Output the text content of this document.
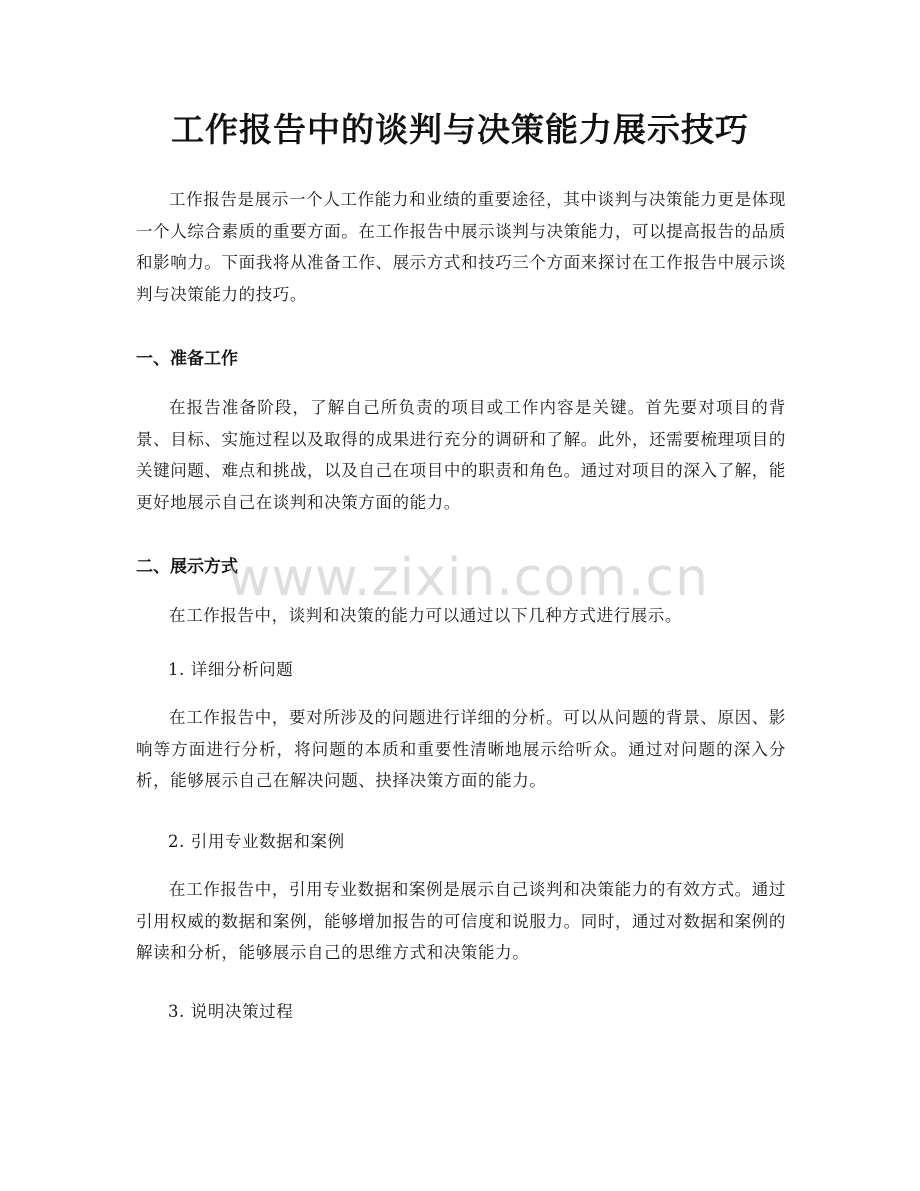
工作报告中的谈判与决策能力展示技巧

工作报告是展示一个人工作能力和业绩的重要途径，其中谈判与决策能力更是体现一个人综合素质的重要方面。在工作报告中展示谈判与决策能力，可以提高报告的品质和影响力。下面我将从准备工作、展示方式和技巧三个方面来探讨在工作报告中展示谈判与决策能力的技巧。

一、准备工作

在报告准备阶段，了解自己所负责的项目或工作内容是关键。首先要对项目的背景、目标、实施过程以及取得的成果进行充分的调研和了解。此外，还需要梳理项目的关键问题、难点和挑战，以及自己在项目中的职责和角色。通过对项目的深入了解，能更好地展示自己在谈判和决策方面的能力。

二、展示方式

在工作报告中，谈判和决策的能力可以通过以下几种方式进行展示。

1. 详细分析问题

在工作报告中，要对所涉及的问题进行详细的分析。可以从问题的背景、原因、影响等方面进行分析，将问题的本质和重要性清晰地展示给听众。通过对问题的深入分析，能够展示自己在解决问题、抉择决策方面的能力。

2. 引用专业数据和案例

在工作报告中，引用专业数据和案例是展示自己谈判和决策能力的有效方式。通过引用权威的数据和案例，能够增加报告的可信度和说服力。同时，通过对数据和案例的解读和分析，能够展示自己的思维方式和决策能力。

3. 说明决策过程

www.zixin.com.cn
